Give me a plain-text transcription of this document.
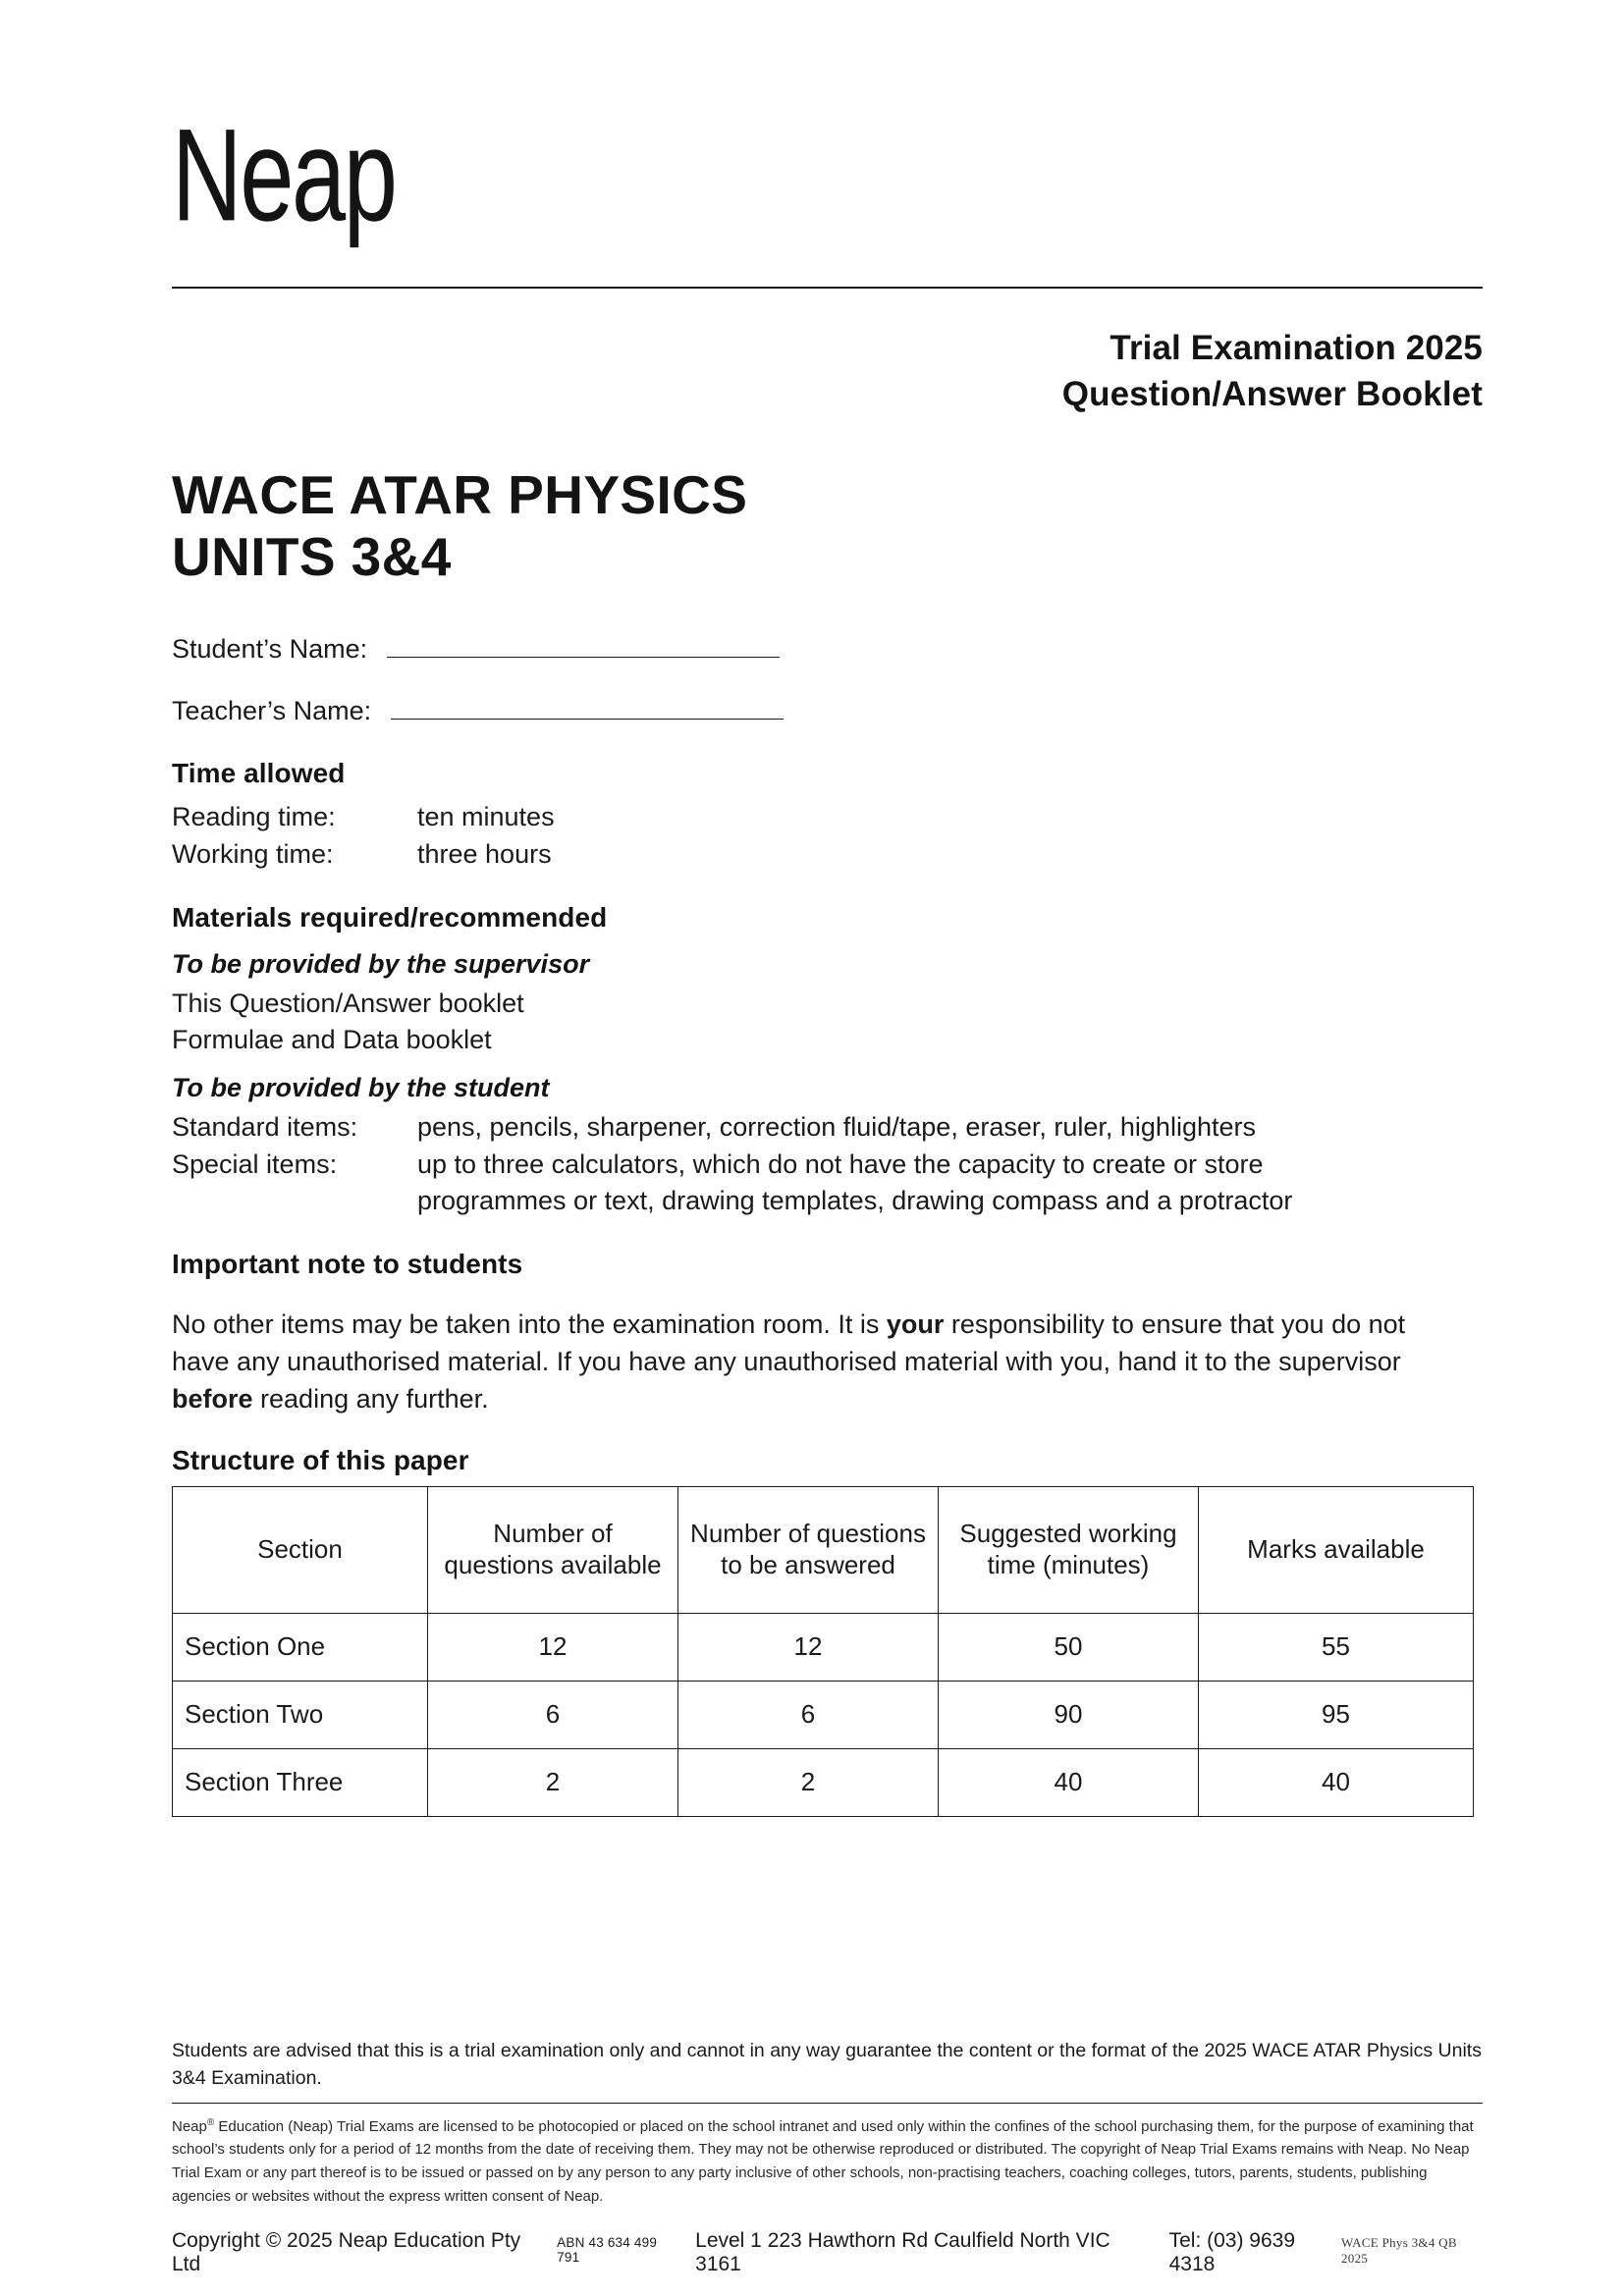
Neap
Trial Examination 2025
Question/Answer Booklet
WACE ATAR PHYSICS
UNITS 3&4
Student’s Name:
Teacher’s Name:
Time allowed
Reading time:	ten minutes
Working time:	three hours
Materials required/recommended
To be provided by the supervisor
This Question/Answer booklet
Formulae and Data booklet
To be provided by the student
Standard items:	pens, pencils, sharpener, correction fluid/tape, eraser, ruler, highlighters
Special items:	up to three calculators, which do not have the capacity to create or store
programmes or text, drawing templates, drawing compass and a protractor
Important note to students

No other items may be taken into the examination room. It is your responsibility to ensure that you do not have any unauthorised material. If you have any unauthorised material with you, hand it to the supervisor before reading any further.

Structure of this paper
Section	Number of questions available	Number of questions to be answered	Suggested working time (minutes)	Marks available
Section One	12	12	50	55
Section Two	6	6	90	95
Section Three	2	2	40	40
Students are advised that this is a trial examination only and cannot in any way guarantee the content or the format of the 2025 WACE ATAR Physics Units 3&4 Examination.
Neap® Education (Neap) Trial Exams are licensed to be photocopied or placed on the school intranet and used only within the confines of the school purchasing them, for the purpose of examining that school’s students only for a period of 12 months from the date of receiving them. They may not be otherwise reproduced or distributed. The copyright of Neap Trial Exams remains with Neap. No Neap Trial Exam or any part thereof is to be issued or passed on by any person to any party inclusive of other schools, non-practising teachers, coaching colleges, tutors, parents, students, publishing agencies or websites without the express written consent of Neap.
Copyright © 2025 Neap Education Pty Ltd
ABN 43 634 499 791
Level 1 223 Hawthorn Rd Caulfield North VIC 3161
Tel: (03) 9639 4318
WACE Phys 3&4 QB 2025
